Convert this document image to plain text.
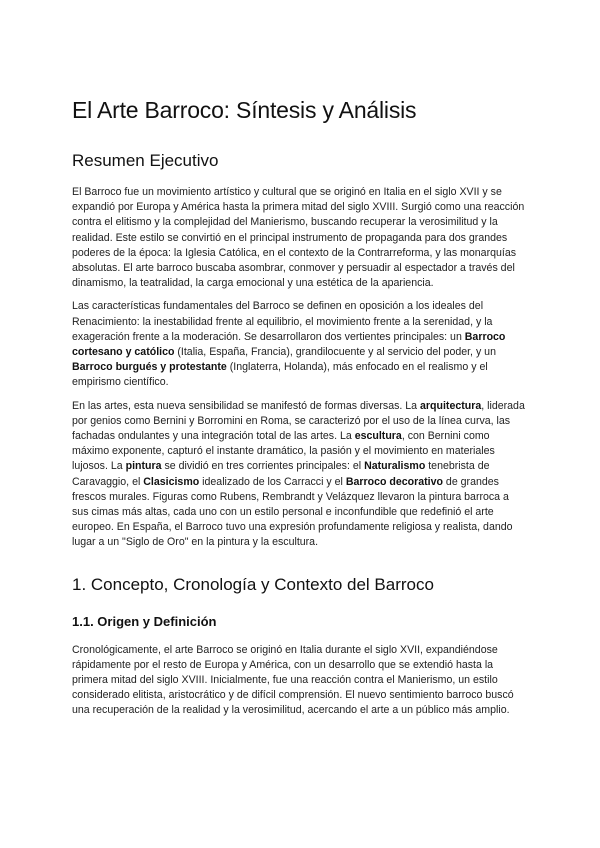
El Arte Barroco: Síntesis y Análisis
Resumen Ejecutivo

El Barroco fue un movimiento artístico y cultural que se originó en Italia en el siglo XVII y se expandió por Europa y América hasta la primera mitad del siglo XVIII. Surgió como una reacción contra el elitismo y la complejidad del Manierismo, buscando recuperar la verosimilitud y la realidad. Este estilo se convirtió en el principal instrumento de propaganda para dos grandes poderes de la época: la Iglesia Católica, en el contexto de la Contrarreforma, y las monarquías absolutas. El arte barroco buscaba asombrar, conmover y persuadir al espectador a través del dinamismo, la teatralidad, la carga emocional y una estética de la apariencia.

Las características fundamentales del Barroco se definen en oposición a los ideales del Renacimiento: la inestabilidad frente al equilibrio, el movimiento frente a la serenidad, y la exageración frente a la moderación. Se desarrollaron dos vertientes principales: un Barroco cortesano y católico (Italia, España, Francia), grandilocuente y al servicio del poder, y un Barroco burgués y protestante (Inglaterra, Holanda), más enfocado en el realismo y el empirismo científico.

En las artes, esta nueva sensibilidad se manifestó de formas diversas. La arquitectura, liderada por genios como Bernini y Borromini en Roma, se caracterizó por el uso de la línea curva, las fachadas ondulantes y una integración total de las artes. La escultura, con Bernini como máximo exponente, capturó el instante dramático, la pasión y el movimiento en materiales lujosos. La pintura se dividió en tres corrientes principales: el Naturalismo tenebrista de Caravaggio, el Clasicismo idealizado de los Carracci y el Barroco decorativo de grandes frescos murales. Figuras como Rubens, Rembrandt y Velázquez llevaron la pintura barroca a sus cimas más altas, cada uno con un estilo personal e inconfundible que redefinió el arte europeo. En España, el Barroco tuvo una expresión profundamente religiosa y realista, dando lugar a un "Siglo de Oro" en la pintura y la escultura.

1. Concepto, Cronología y Contexto del Barroco
1.1. Origen y Definición

Cronológicamente, el arte Barroco se originó en Italia durante el siglo XVII, expandiéndose rápidamente por el resto de Europa y América, con un desarrollo que se extendió hasta la primera mitad del siglo XVIII. Inicialmente, fue una reacción contra el Manierismo, un estilo considerado elitista, aristocrático y de difícil comprensión. El nuevo sentimiento barroco buscó una recuperación de la realidad y la verosimilitud, acercando el arte a un público más amplio.
